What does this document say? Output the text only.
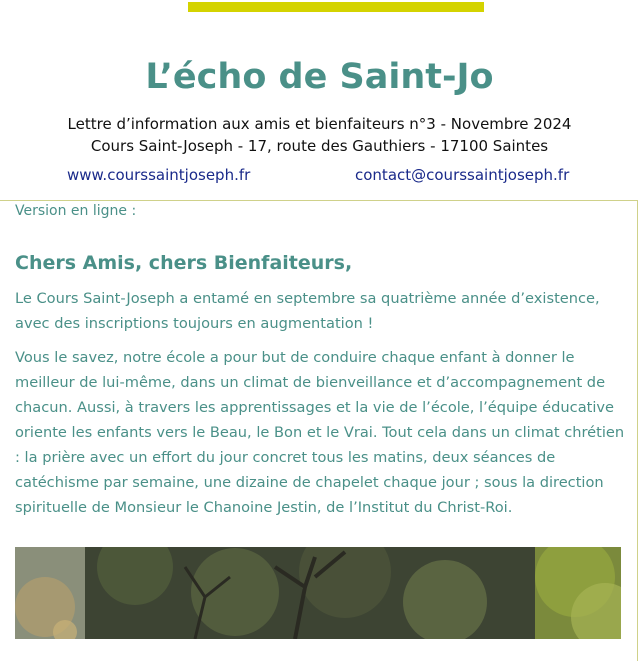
L’écho de Saint-Jo

Lettre d’information aux amis et bienfaiteurs n°3 - Novembre 2024

Cours Saint-Joseph - 17, route des Gauthiers - 17100 Saintes

www.courssaintjoseph.fr	contact@courssaintjoseph.fr
Version en ligne :
Chers Amis, chers Bienfaiteurs,

Le Cours Saint-Joseph a entamé en septembre sa quatrième année d’existence, avec des inscriptions toujours en augmentation !

Vous le savez, notre école a pour but de conduire chaque enfant à donner le meilleur de lui-même, dans un climat de bienveillance et d’accompagnement de chacun. Aussi, à travers les apprentissages et la vie de l’école, l’équipe éducative oriente les enfants vers le Beau, le Bon et le Vrai. Tout cela dans un climat chrétien : la prière avec un effort du jour concret tous les matins, deux séances de catéchisme par semaine, une dizaine de chapelet chaque jour ; sous la direction spirituelle de Monsieur le Chanoine Jestin, de l’Institut du Christ-Roi.
